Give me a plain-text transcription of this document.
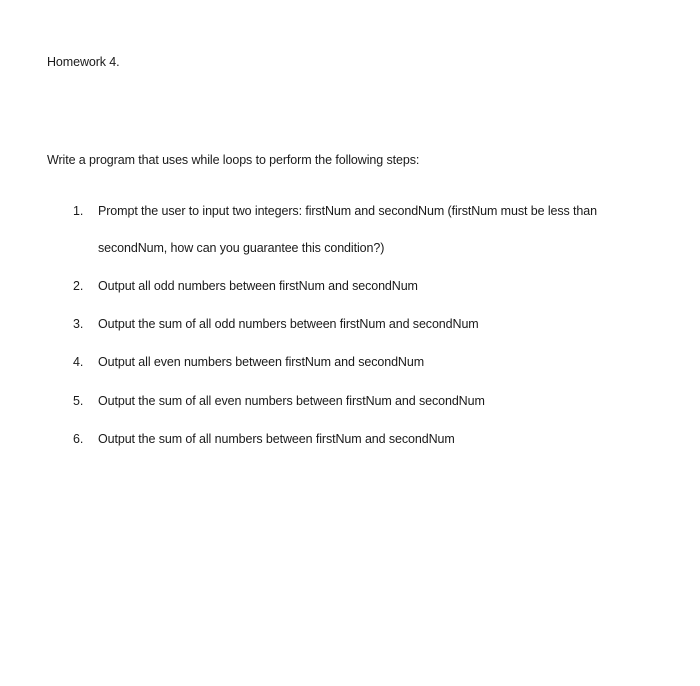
Homework 4.
Write a program that uses while loops to perform the following steps:
1.	Prompt the user to input two integers: firstNum and secondNum (firstNum must be less than
secondNum, how can you guarantee this condition?)
2.	Output all odd numbers between firstNum and secondNum
3.	Output the sum of all odd numbers between firstNum and secondNum
4.	Output all even numbers between firstNum and secondNum
5.	Output the sum of all even numbers between firstNum and secondNum
6.	Output the sum of all numbers between firstNum and secondNum
